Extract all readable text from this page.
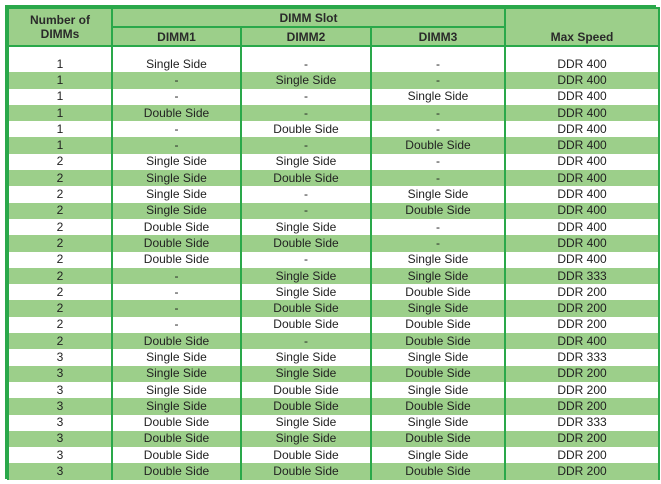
Number of
DIMMs	DIMM Slot			Max Speed
	DIMM1	DIMM2	DIMM3	

1	Single Side	-	-	DDR 400
1	-	Single Side	-	DDR 400
1	-	-	Single Side	DDR 400
1	Double Side	-	-	DDR 400
1	-	Double Side	-	DDR 400
1	-	-	Double Side	DDR 400
2	Single Side	Single Side	-	DDR 400
2	Single Side	Double Side	-	DDR 400
2	Single Side	-	Single Side	DDR 400
2	Single Side	-	Double Side	DDR 400
2	Double Side	Single Side	-	DDR 400
2	Double Side	Double Side	-	DDR 400
2	Double Side	-	Single Side	DDR 400
2	-	Single Side	Single Side	DDR 333
2	-	Single Side	Double Side	DDR 200
2	-	Double Side	Single Side	DDR 200
2	-	Double Side	Double Side	DDR 200
2	Double Side	-	Double Side	DDR 400
3	Single Side	Single Side	Single Side	DDR 333
3	Single Side	Single Side	Double Side	DDR 200
3	Single Side	Double Side	Single Side	DDR 200
3	Single Side	Double Side	Double Side	DDR 200
3	Double Side	Single Side	Single Side	DDR 333
3	Double Side	Single Side	Double Side	DDR 200
3	Double Side	Double Side	Single Side	DDR 200
3	Double Side	Double Side	Double Side	DDR 200
